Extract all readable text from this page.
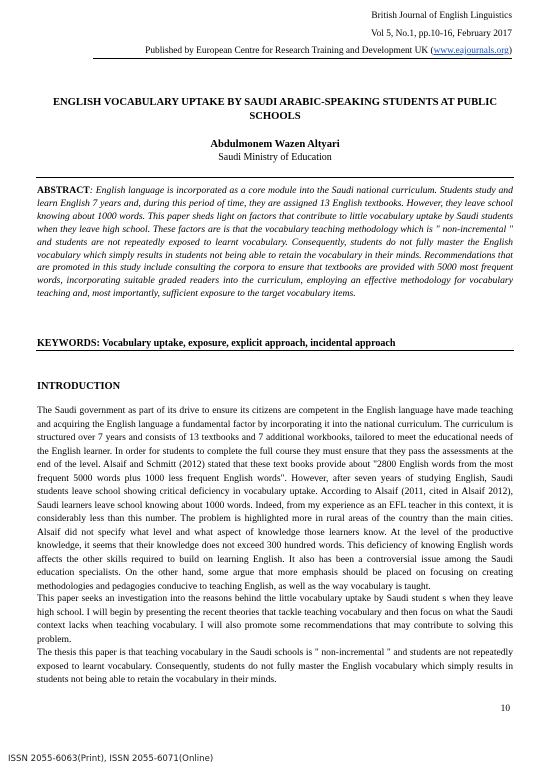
British Journal of English Linguistics
Vol 5, No.1, pp.10-16, February 2017
Published by European Centre for Research Training and Development UK (www.eajournals.org)
ENGLISH VOCABULARY UPTAKE BY SAUDI ARABIC-SPEAKING STUDENTS AT PUBLIC SCHOOLS
Abdulmonem Wazen Altyari
Saudi Ministry of Education
ABSTRACT: English language is incorporated as a core module into the Saudi national curriculum. Students study and learn English 7 years and, during this period of time, they are assigned 13 English textbooks. However, they leave school knowing about 1000 words. This paper sheds light on factors that contribute to little vocabulary uptake by Saudi students when they leave high school. These factors are is that the vocabulary teaching methodology which is " non-incremental " and students are not repeatedly exposed to learnt vocabulary. Consequently, students do not fully master the English vocabulary which simply results in students not being able to retain the vocabulary in their minds. Recommendations that are promoted in this study include consulting the corpora to ensure that textbooks are provided with 5000 most frequent words, incorporating suitable graded readers into the curriculum, employing an effective methodology for vocabulary teaching and, most importantly, sufficient exposure to the target vocabulary items.
KEYWORDS: Vocabulary uptake, exposure, explicit approach, incidental approach
INTRODUCTION

The Saudi government as part of its drive to ensure its citizens are competent in the English language have made teaching and acquiring the English language a fundamental factor by incorporating it into the national curriculum. The curriculum is structured over 7 years and consists of 13 textbooks and 7 additional workbooks, tailored to meet the educational needs of the English learner. In order for students to complete the full course they must ensure that they pass the assessments at the end of the level. Alsaif and Schmitt (2012) stated that these text books provide about "2800 English words from the most frequent 5000 words plus 1000 less frequent English words". However, after seven years of studying English, Saudi students leave school showing critical deficiency in vocabulary uptake. According to Alsaif (2011, cited in Alsaif 2012), Saudi learners leave school knowing about 1000 words. Indeed, from my experience as an EFL teacher in this context, it is considerably less than this number. The problem is highlighted more in rural areas of the country than the main cities. Alsaif did not specify what level and what aspect of knowledge those learners know. At the level of the productive knowledge, it seems that their knowledge does not exceed 300 hundred words. This deficiency of knowing English words affects the other skills required to build on learning English. It also has been a controversial issue among the Saudi education specialists. On the other hand, some argue that more emphasis should be placed on focusing on creating methodologies and pedagogies conducive to teaching English, as well as the way vocabulary is taught.

This paper seeks an investigation into the reasons behind the little vocabulary uptake by Saudi student s when they leave high school. I will begin by presenting the recent theories that tackle teaching vocabulary and then focus on what the Saudi context lacks when teaching vocabulary. I will also promote some recommendations that may contribute to solving this problem.

The thesis this paper is that teaching vocabulary in the Saudi schools is " non-incremental " and students are not repeatedly exposed to learnt vocabulary. Consequently, students do not fully master the English vocabulary which simply results in students not being able to retain the vocabulary in their minds.

10
ISSN 2055-6063(Print), ISSN 2055-6071(Online)
